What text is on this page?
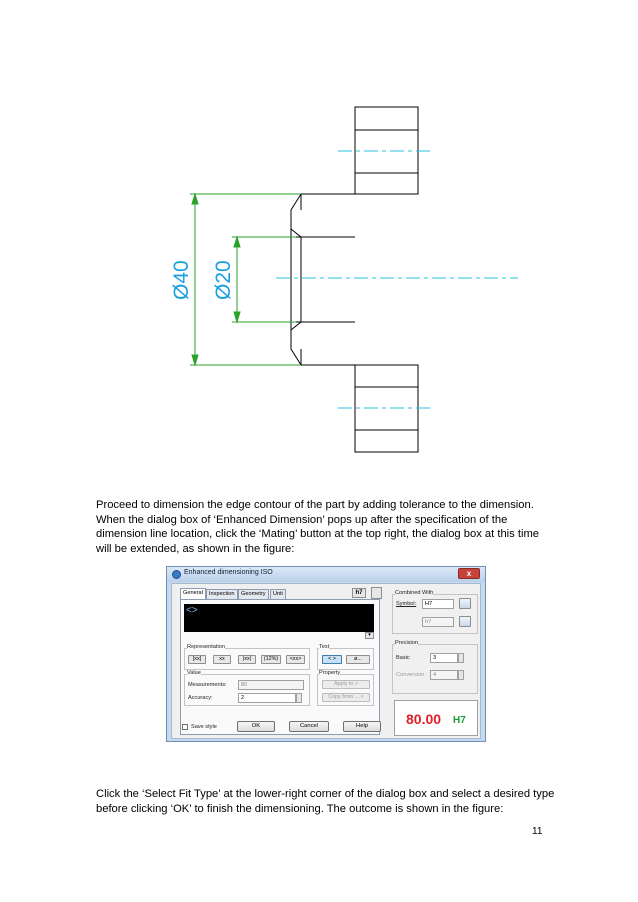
Ø40 Ø20
Proceed to dimension the edge contour of the part by adding tolerance to the dimension. When the dialog box of ‘Enhanced Dimension’ pops up after the specification of the dimension line location, click the ‘Mating’ button at the top right, the dialog box at this time will be extended, as shown in the figure:
Enhanced dimensioning ISO	x
General	Inspection	Geometry	Unit	h7
<>
▾
Representation
[xx]	xx	|xx|	(12%)	<xx>
Text
< >	ø...
Value
Measurements:	80
Accuracy:	2
Property
Apply to >
Copy from ... <
Save style	OK	Cancel	Help
Combined With
Symbol:	H7
h7
Precision
Basic	3
Conversion	4
80.00 H7
Click the ‘Select Fit Type’ at the lower-right corner of the dialog box and select a desired type before clicking ‘OK’ to finish the dimensioning. The outcome is shown in the figure:
11
